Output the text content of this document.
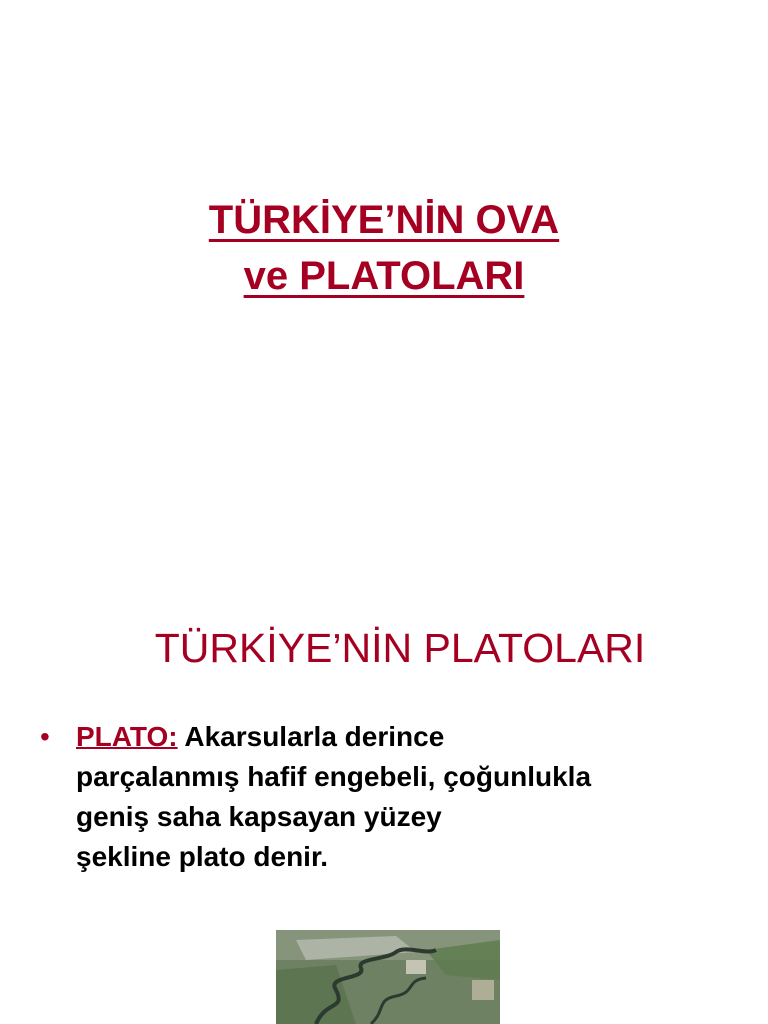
TÜRKİYE’NİN OVA
ve PLATOLARI
TÜRKİYE’NİN PLATOLARI
• PLATO: Akarsularla derince
parçalanmış hafif engebeli, çoğunlukla
geniş saha kapsayan yüzey
şekline plato denir.
